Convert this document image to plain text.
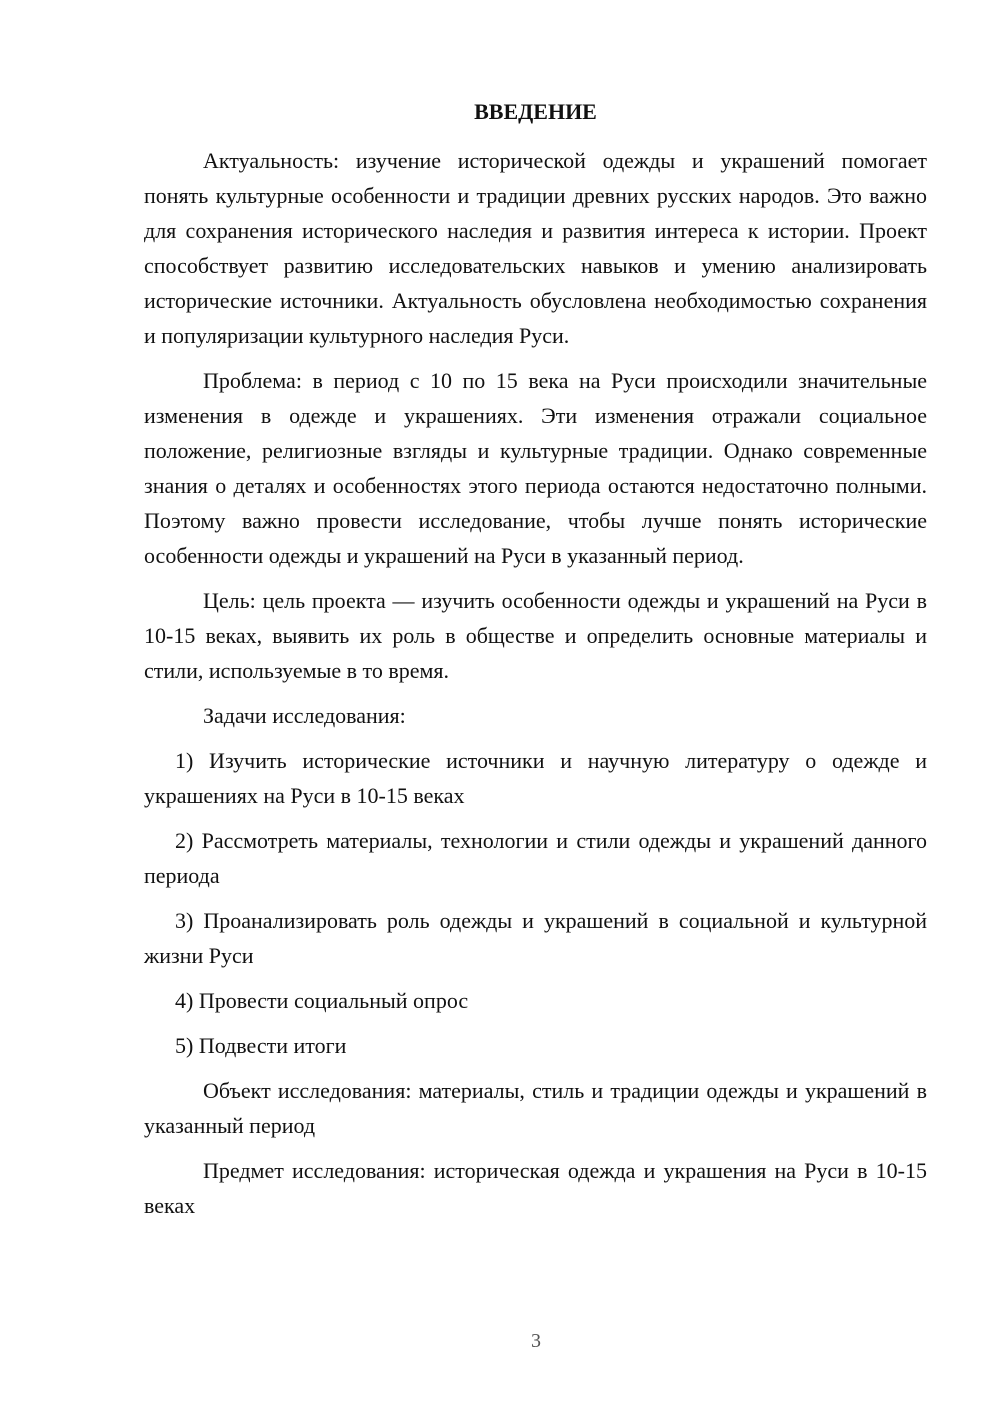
ВВЕДЕНИЕ

Актуальность: изучение исторической одежды и украшений помогает понять культурные особенности и традиции древних русских народов. Это важно для сохранения исторического наследия и развития интереса к истории. Проект способствует развитию исследовательских навыков и умению анализировать исторические источники. Актуальность обусловлена необходимостью сохранения и популяризации культурного наследия Руси.

Проблема: в период с 10 по 15 века на Руси происходили значительные изменения в одежде и украшениях. Эти изменения отражали социальное положение, религиозные взгляды и культурные традиции. Однако современные знания о деталях и особенностях этого периода остаются недостаточно полными. Поэтому важно провести исследование, чтобы лучше понять исторические особенности одежды и украшений на Руси в указанный период.

Цель: цель проекта — изучить особенности одежды и украшений на Руси в 10-15 веках, выявить их роль в обществе и определить основные материалы и стили, используемые в то время.

Задачи исследования:

1) Изучить исторические источники и научную литературу о одежде и украшениях на Руси в 10-15 веках

2) Рассмотреть материалы, технологии и стили одежды и украшений данного периода

3) Проанализировать роль одежды и украшений в социальной и культурной жизни Руси

4) Провести социальный опрос

5) Подвести итоги

Объект исследования: материалы, стиль и традиции одежды и украшений в указанный период

Предмет исследования: историческая одежда и украшения на Руси в 10-15 веках

3
